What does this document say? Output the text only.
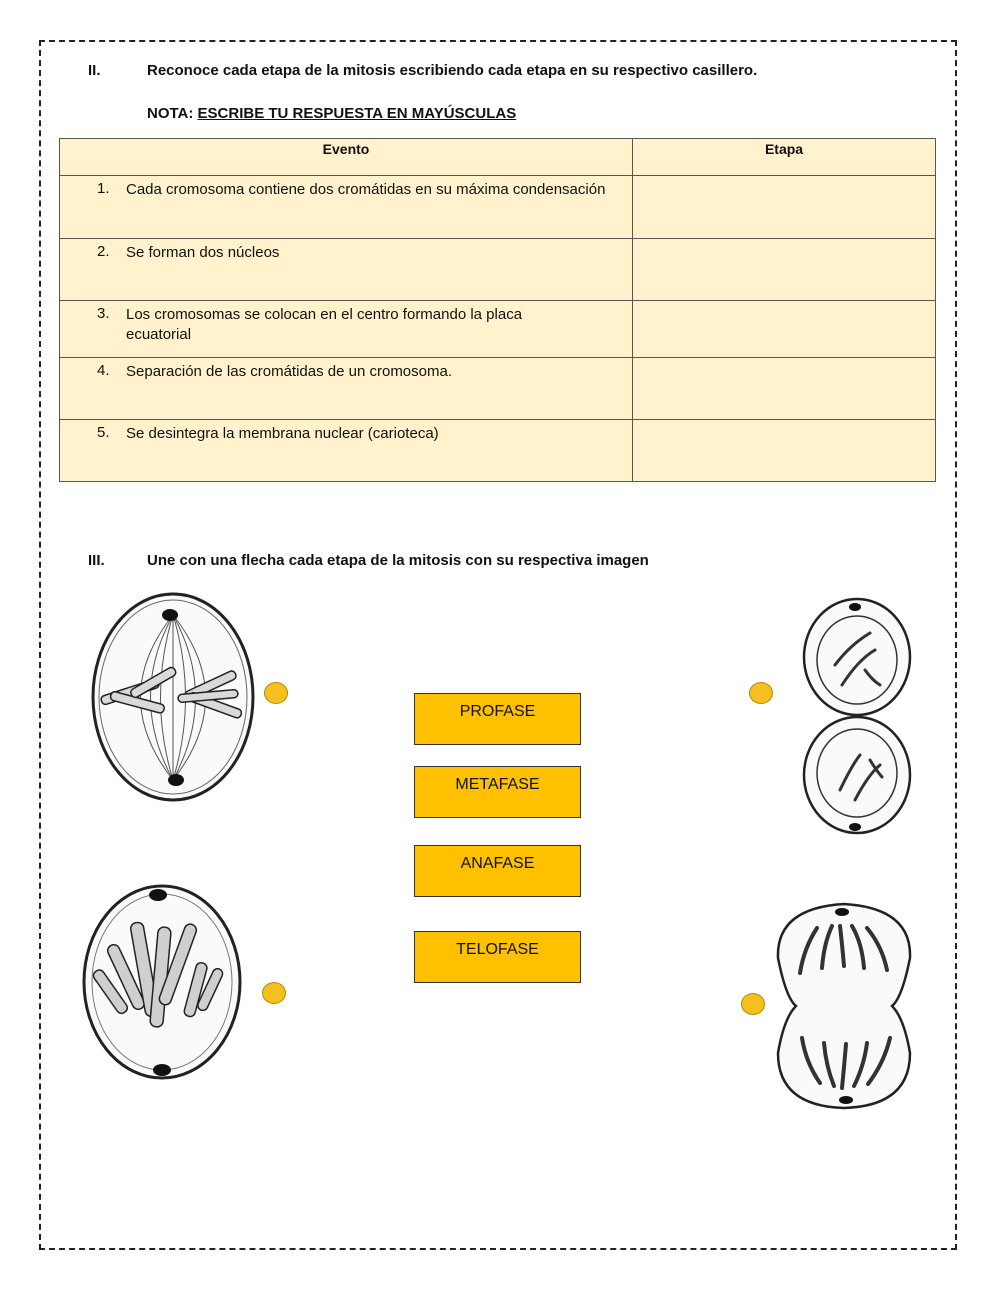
II.	Reconoce cada etapa de la mitosis escribiendo cada etapa en su respectivo casillero.
NOTA: ESCRIBE TU RESPUESTA EN MAYÚSCULAS
Evento	Etapa

1. Cada cromosoma contiene dos cromátidas en su máxima condensación	

2. Se forman dos núcleos	

3. Los cromosomas se colocan en el centro formando la placa ecuatorial	

4. Separación de las cromátidas de un cromosoma.	

5. Se desintegra la membrana nuclear (carioteca)	

III.	Une con una flecha cada etapa de la mitosis con su respectiva imagen
PROFASE
METAFASE
ANAFASE
TELOFASE
